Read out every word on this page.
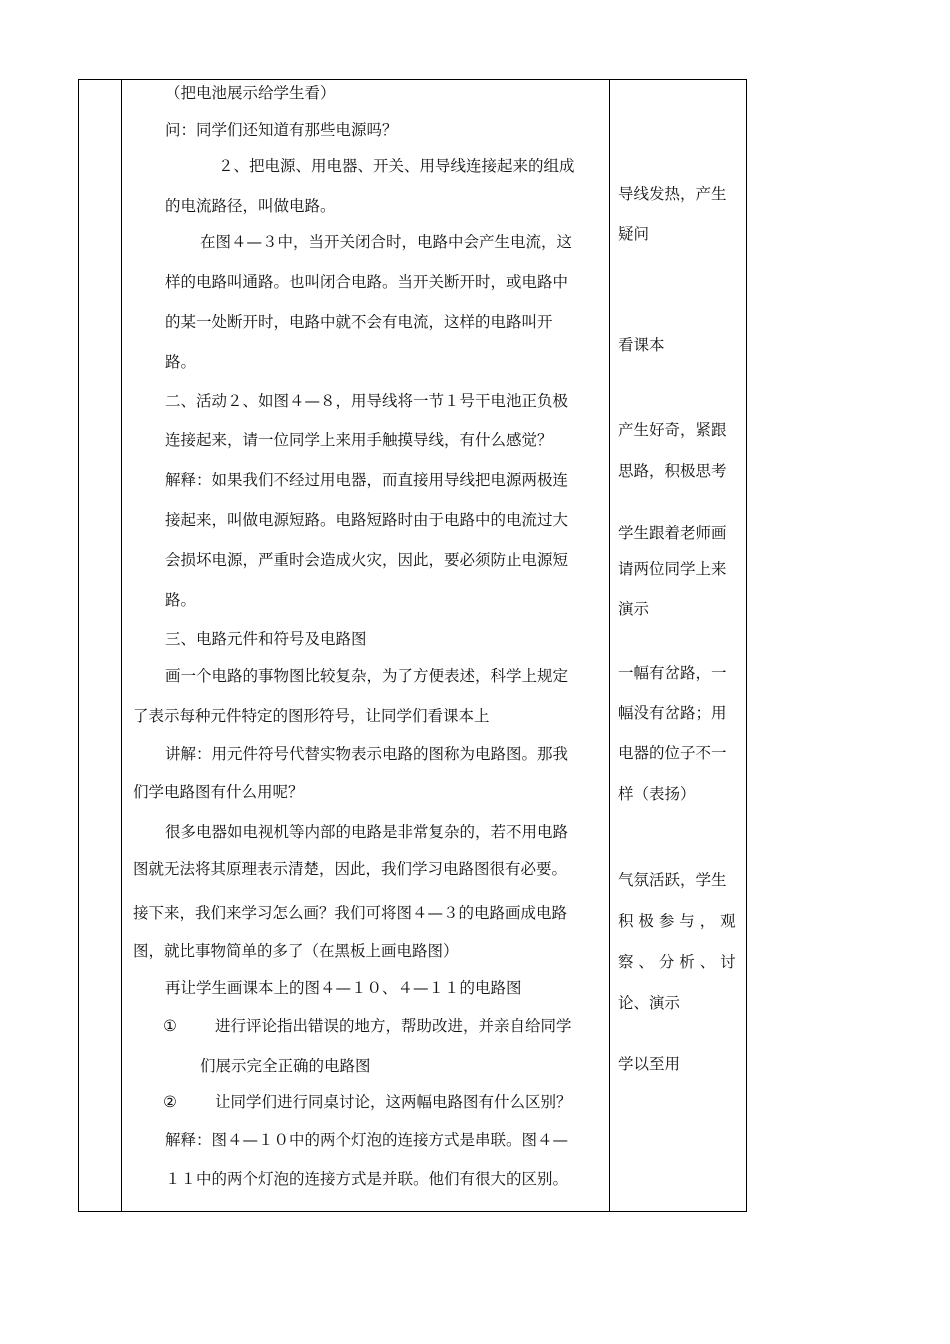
（把电池展示给学生看）
问：同学们还知道有那些电源吗？
２、把电源、用电器、开关、用导线连接起来的组成
的电流路径，叫做电路。
在图４—３中，当开关闭合时，电路中会产生电流，这
样的电路叫通路。也叫闭合电路。当开关断开时，或电路中
的某一处断开时，电路中就不会有电流，这样的电路叫开
路。
二、活动２、如图４—８，用导线将一节１号干电池正负极
连接起来，请一位同学上来用手触摸导线，有什么感觉？
解释：如果我们不经过用电器，而直接用导线把电源两极连
接起来，叫做电源短路。电路短路时由于电路中的电流过大
会损坏电源，严重时会造成火灾，因此，要必须防止电源短
路。
三、电路元件和符号及电路图
画一个电路的事物图比较复杂，为了方便表述，科学上规定
了表示每种元件特定的图形符号，让同学们看课本上
讲解：用元件符号代替实物表示电路的图称为电路图。那我
们学电路图有什么用呢？
很多电器如电视机等内部的电路是非常复杂的，若不用电路
图就无法将其原理表示清楚，因此，我们学习电路图很有必要。
接下来，我们来学习怎么画？我们可将图４—３的电路画成电路
图，就比事物简单的多了（在黑板上画电路图）
再让学生画课本上的图４—１０、４—１１的电路图
① 进行评论指出错误的地方，帮助改进，并亲自给同学
们展示完全正确的电路图
② 让同学们进行同桌讨论，这两幅电路图有什么区别？
解释：图４—１０中的两个灯泡的连接方式是串联。图４—
１１中的两个灯泡的连接方式是并联。他们有很大的区别。
导线发热，产生
疑问
看课本
产生好奇，紧跟
思路，积极思考
学生跟着老师画
请两位同学上来
演示
一幅有岔路，一
幅没有岔路；用
电器的位子不一
样（表扬）
气氛活跃，学生
积 极 参 与 ， 观
察 、 分 析 、 讨
论、演示
学以至用
